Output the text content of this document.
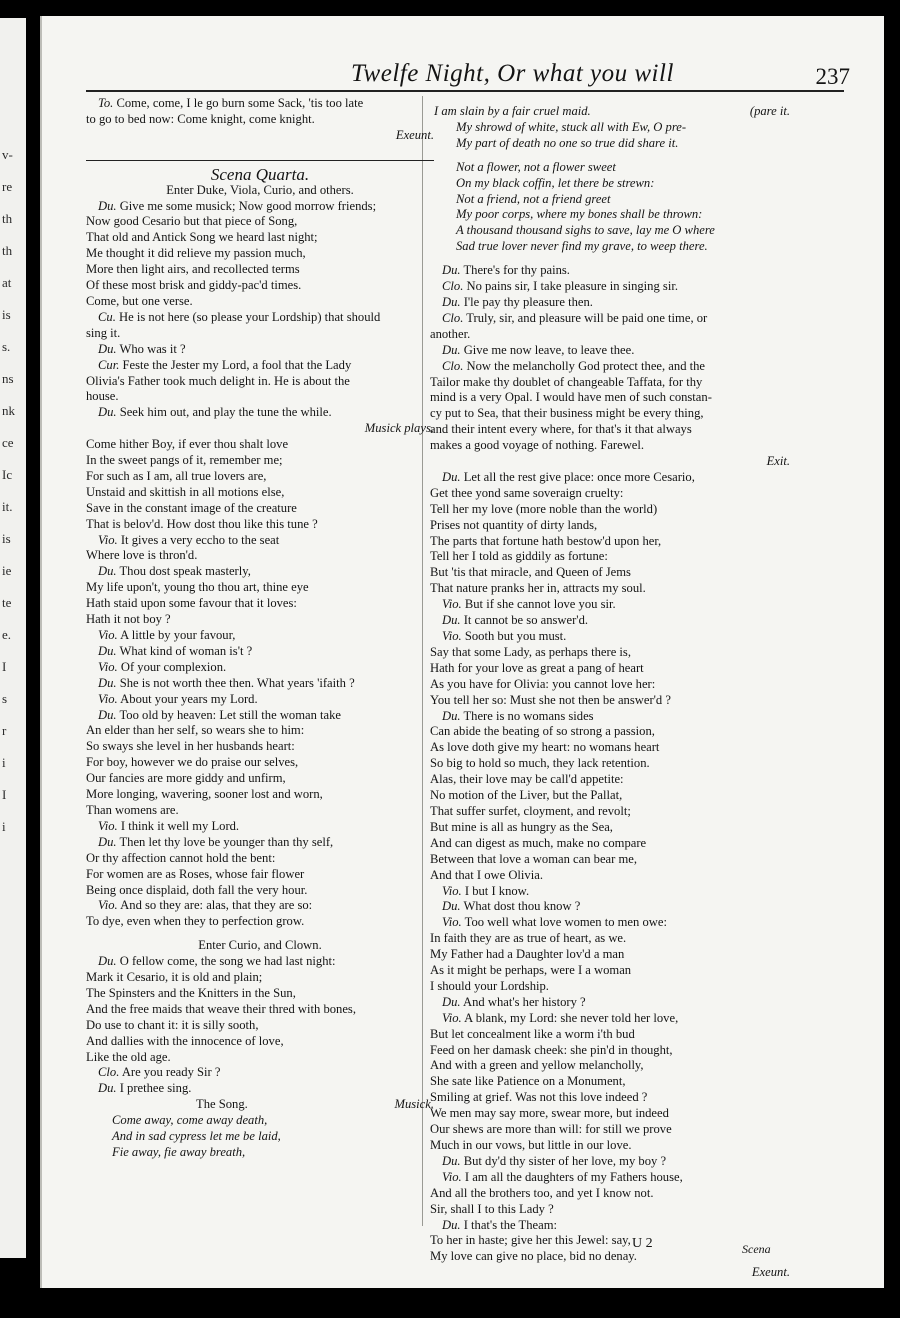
v-
re
th
th
at
is
s.
ns
nk
ce
Ic
it.
is
ie
te
e.
I
s
r
i
I
i
Twelfe Night, Or what you will	237

To. Come, come, I le go burn some Sack, 'tis too late

to go to bed now: Come knight, come knight.

Exeunt.

Scena Quarta.

Enter Duke, Viola, Curio, and others.

Du. Give me some musick; Now good morrow friends;

Now good Cesario but that piece of Song,

That old and Antick Song we heard last night;

Me thought it did relieve my passion much,

More then light airs, and recollected terms

Of these most brisk and giddy-pac'd times.

Come, but one verse.

Cu. He is not here (so please your Lordship) that should

sing it.

Du. Who was it ?

Cur. Feste the Jester my Lord, a fool that the Lady

Olivia's Father took much delight in. He is about the

house.

Du. Seek him out, and play the tune the while.

Musick plays.

Come hither Boy, if ever thou shalt love

In the sweet pangs of it, remember me;

For such as I am, all true lovers are,

Unstaid and skittish in all motions else,

Save in the constant image of the creature

That is belov'd. How dost thou like this tune ?

Vio. It gives a very eccho to the seat

Where love is thron'd.

Du. Thou dost speak masterly,

My life upon't, young tho thou art, thine eye

Hath staid upon some favour that it loves:

Hath it not boy ?

Vio. A little by your favour,

Du. What kind of woman is't ?

Vio. Of your complexion.

Du. She is not worth thee then. What years 'ifaith ?

Vio. About your years my Lord.

Du. Too old by heaven: Let still the woman take

An elder than her self, so wears she to him:

So sways she level in her husbands heart:

For boy, however we do praise our selves,

Our fancies are more giddy and unfirm,

More longing, wavering, sooner lost and worn,

Than womens are.

Vio. I think it well my Lord.

Du. Then let thy love be younger than thy self,

Or thy affection cannot hold the bent:

For women are as Roses, whose fair flower

Being once displaid, doth fall the very hour.

Vio. And so they are: alas, that they are so:

To dye, even when they to perfection grow.

Enter Curio, and Clown.

Du. O fellow come, the song we had last night:

Mark it Cesario, it is old and plain;

The Spinsters and the Knitters in the Sun,

And the free maids that weave their thred with bones,

Do use to chant it: it is silly sooth,

And dallies with the innocence of love,

Like the old age.

Clo. Are you ready Sir ?

Du. I prethee sing.

The Song.	Musick.

Come away, come away death,

And in sad cypress let me be laid,

Fie away, fie away breath,

I am slain by a fair cruel maid.	(pare it.

My shrowd of white, stuck all with Ew, O pre-

My part of death no one so true did share it.

Not a flower, not a flower sweet

On my black coffin, let there be strewn:

Not a friend, not a friend greet

My poor corps, where my bones shall be thrown:

A thousand thousand sighs to save, lay me O where

Sad true lover never find my grave, to weep there.

Du. There's for thy pains.

Clo. No pains sir, I take pleasure in singing sir.

Du. I'le pay thy pleasure then.

Clo. Truly, sir, and pleasure will be paid one time, or

another.

Du. Give me now leave, to leave thee.

Clo. Now the melancholly God protect thee, and the

Tailor make thy doublet of changeable Taffata, for thy

mind is a very Opal. I would have men of such constan-

cy put to Sea, that their business might be every thing,

and their intent every where, for that's it that always

makes a good voyage of nothing. Farewel.

Exit.

Du. Let all the rest give place: once more Cesario,

Get thee yond same soveraign cruelty:

Tell her my love (more noble than the world)

Prises not quantity of dirty lands,

The parts that fortune hath bestow'd upon her,

Tell her I told as giddily as fortune:

But 'tis that miracle, and Queen of Jems

That nature pranks her in, attracts my soul.

Vio. But if she cannot love you sir.

Du. It cannot be so answer'd.

Vio. Sooth but you must.

Say that some Lady, as perhaps there is,

Hath for your love as great a pang of heart

As you have for Olivia: you cannot love her:

You tell her so: Must she not then be answer'd ?

Du. There is no womans sides

Can abide the beating of so strong a passion,

As love doth give my heart: no womans heart

So big to hold so much, they lack retention.

Alas, their love may be call'd appetite:

No motion of the Liver, but the Pallat,

That suffer surfet, cloyment, and revolt;

But mine is all as hungry as the Sea,

And can digest as much, make no compare

Between that love a woman can bear me,

And that I owe Olivia.

Vio. I but I know.

Du. What dost thou know ?

Vio. Too well what love women to men owe:

In faith they are as true of heart, as we.

My Father had a Daughter lov'd a man

As it might be perhaps, were I a woman

I should your Lordship.

Du. And what's her history ?

Vio. A blank, my Lord: she never told her love,

But let concealment like a worm i'th bud

Feed on her damask cheek: she pin'd in thought,

And with a green and yellow melancholly,

She sate like Patience on a Monument,

Smiling at grief. Was not this love indeed ?

We men may say more, swear more, but indeed

Our shews are more than will: for still we prove

Much in our vows, but little in our love.

Du. But dy'd thy sister of her love, my boy ?

Vio. I am all the daughters of my Fathers house,

And all the brothers too, and yet I know not.

Sir, shall I to this Lady ?

Du. I that's the Theam:

To her in haste; give her this Jewel: say,

My love can give no place, bid no denay.

Exeunt.

U 2	Scena
